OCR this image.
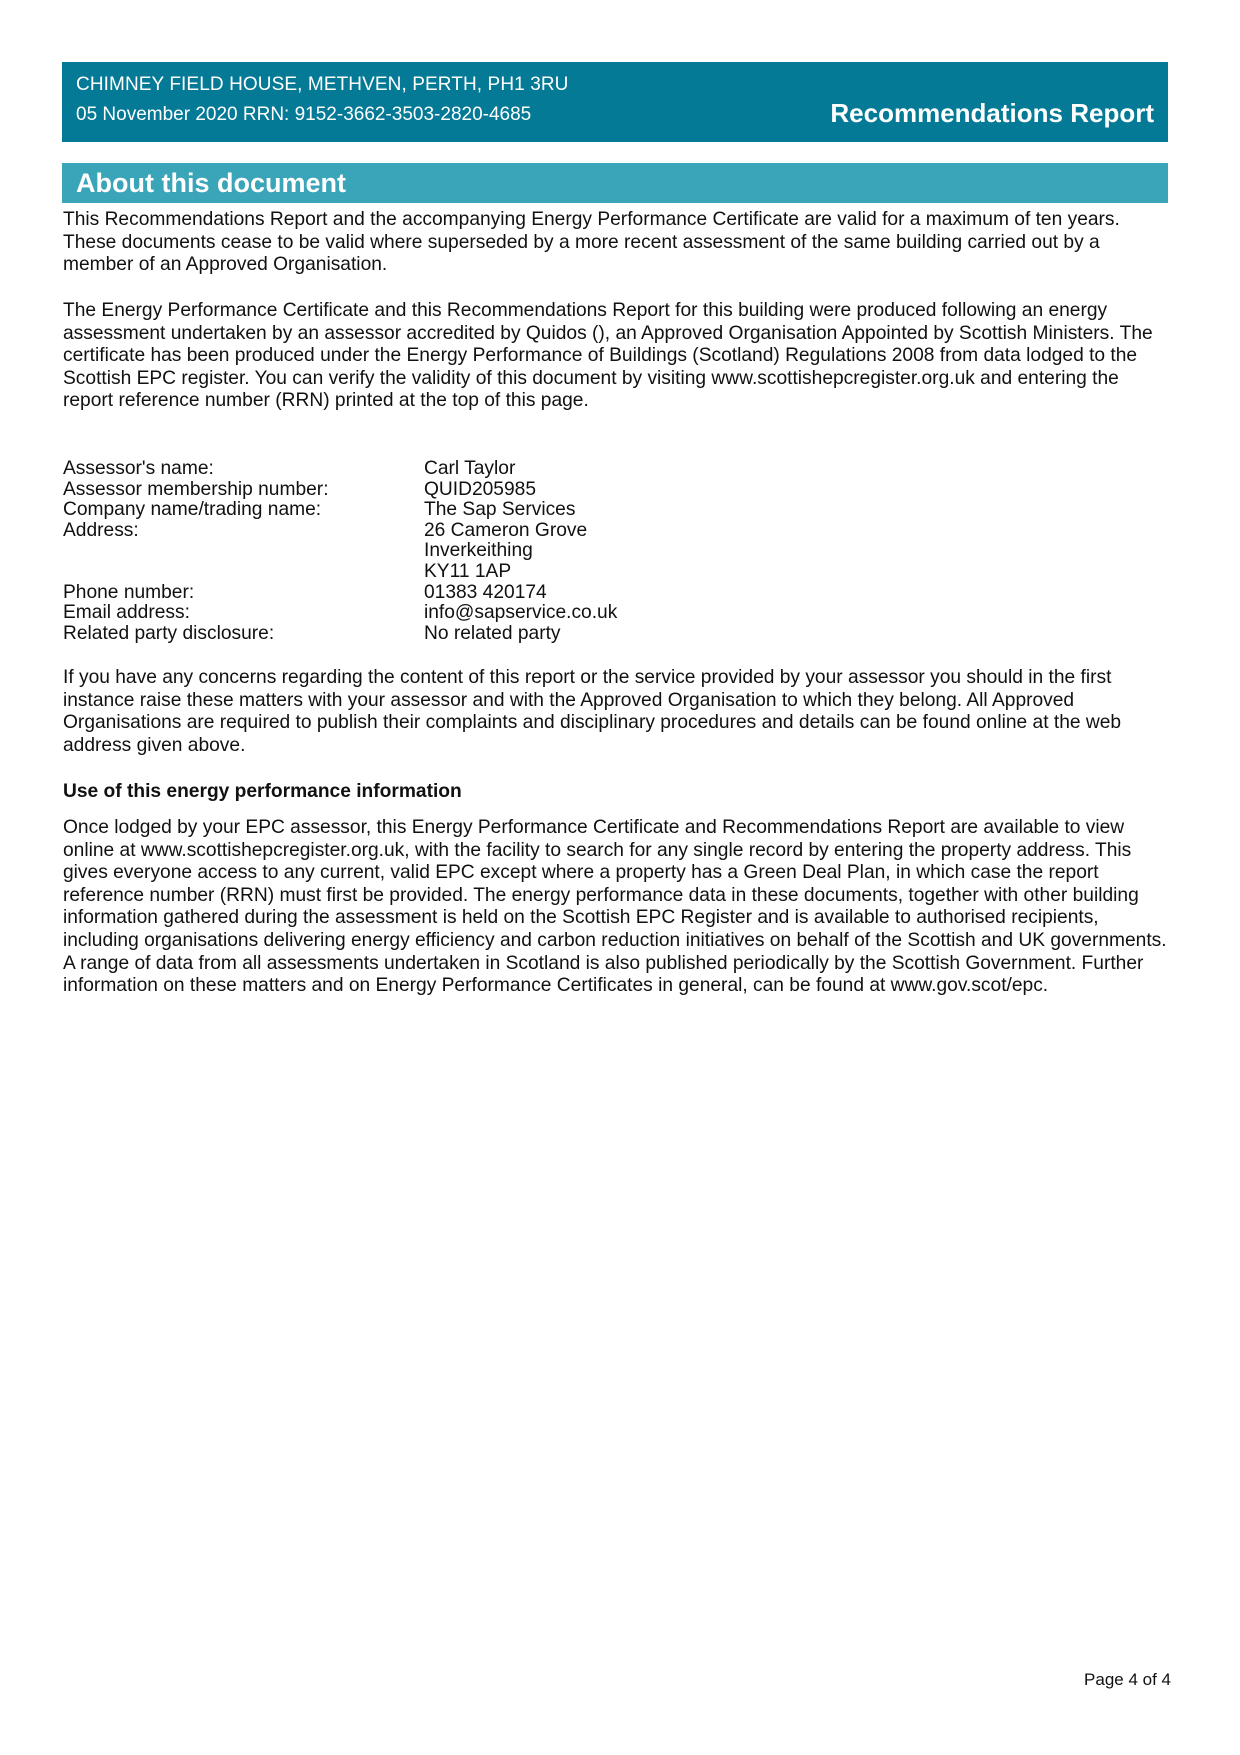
CHIMNEY FIELD HOUSE, METHVEN, PERTH, PH1 3RU
05 November 2020 RRN: 9152-3662-3503-2820-4685	Recommendations Report
About this document

This Recommendations Report and the accompanying Energy Performance Certificate are valid for a maximum of ten years. These documents cease to be valid where superseded by a more recent assessment of the same building carried out by a member of an Approved Organisation.

The Energy Performance Certificate and this Recommendations Report for this building were produced following an energy assessment undertaken by an assessor accredited by Quidos (), an Approved Organisation Appointed by Scottish Ministers. The certificate has been produced under the Energy Performance of Buildings (Scotland) Regulations 2008 from data lodged to the Scottish EPC register. You can verify the validity of this document by visiting www.scottishepcregister.org.uk and entering the report reference number (RRN) printed at the top of this page.

Assessor's name:	Carl Taylor
Assessor membership number:	QUID205985
Company name/trading name:	The Sap Services
Address:	26 Cameron Grove
Inverkeithing
KY11 1AP
Phone number:	01383 420174
Email address:	info@sapservice.co.uk
Related party disclosure:	No related party

If you have any concerns regarding the content of this report or the service provided by your assessor you should in the first instance raise these matters with your assessor and with the Approved Organisation to which they belong. All Approved Organisations are required to publish their complaints and disciplinary procedures and details can be found online at the web address given above.

Use of this energy performance information

Once lodged by your EPC assessor, this Energy Performance Certificate and Recommendations Report are available to view online at www.scottishepcregister.org.uk, with the facility to search for any single record by entering the property address. This gives everyone access to any current, valid EPC except where a property has a Green Deal Plan, in which case the report reference number (RRN) must first be provided. The energy performance data in these documents, together with other building information gathered during the assessment is held on the Scottish EPC Register and is available to authorised recipients, including organisations delivering energy efficiency and carbon reduction initiatives on behalf of the Scottish and UK governments. A range of data from all assessments undertaken in Scotland is also published periodically by the Scottish Government. Further information on these matters and on Energy Performance Certificates in general, can be found at www.gov.scot/epc.

Page 4 of 4
